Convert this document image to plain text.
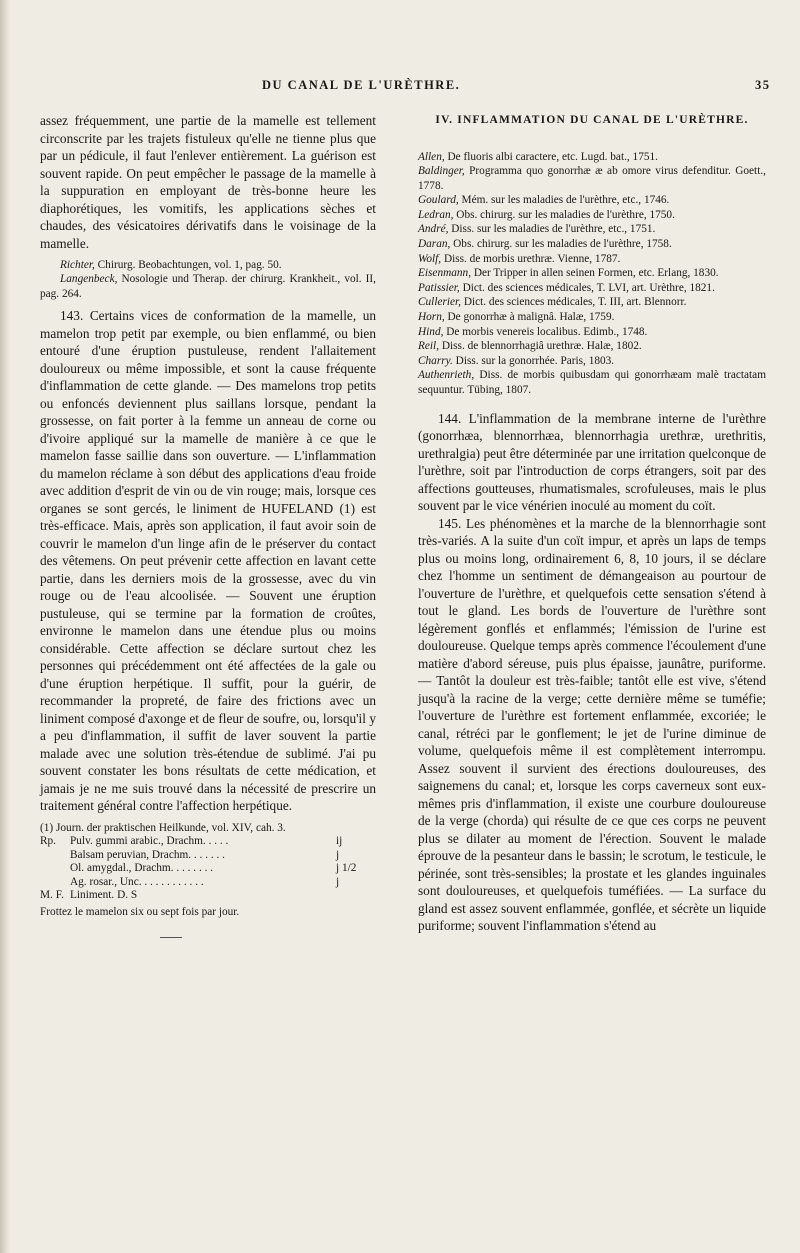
DU CANAL DE L'URÈTHRE.	35

assez fréquemment, une partie de la mamelle est tellement circonscrite par les trajets fistuleux qu'elle ne tienne plus que par un pédicule, il faut l'enlever entièrement. La guérison est souvent rapide. On peut empêcher le passage de la mamelle à la suppuration en employant de très-bonne heure les diaphorétiques, les vomitifs, les applications sèches et chaudes, des vésicatoires dérivatifs dans le voisinage de la mamelle.

Richter, Chirurg. Beobachtungen, vol. 1, pag. 50.
Langenbeck, Nosologie und Therap. der chirurg. Krankheit., vol. II, pag. 264.

143. Certains vices de conformation de la mamelle, un mamelon trop petit par exemple, ou bien enflammé, ou bien entouré d'une éruption pustuleuse, rendent l'allaitement douloureux ou même impossible, et sont la cause fréquente d'inflammation de cette glande. — Des mamelons trop petits ou enfoncés deviennent plus saillans lorsque, pendant la grossesse, on fait porter à la femme un anneau de corne ou d'ivoire appliqué sur la mamelle de manière à ce que le mamelon fasse saillie dans son ouverture. — L'inflammation du mamelon réclame à son début des applications d'eau froide avec addition d'esprit de vin ou de vin rouge; mais, lorsque ces organes se sont gercés, le liniment de HUFELAND (1) est très-efficace. Mais, après son application, il faut avoir soin de couvrir le mamelon d'un linge afin de le préserver du contact des vêtemens. On peut prévenir cette affection en lavant cette partie, dans les derniers mois de la grossesse, avec du vin rouge ou de l'eau alcoolisée. — Souvent une éruption pustuleuse, qui se termine par la formation de croûtes, environne le mamelon dans une étendue plus ou moins considérable. Cette affection se déclare surtout chez les personnes qui précédemment ont été affectées de la gale ou d'une éruption herpétique. Il suffit, pour la guérir, de recommander la propreté, de faire des frictions avec un liniment composé d'axonge et de fleur de soufre, ou, lorsqu'il y a peu d'inflammation, il suffit de laver souvent la partie malade avec une solution très-étendue de sublimé. J'ai pu souvent constater les bons résultats de cette médication, et jamais je ne me suis trouvé dans la nécessité de prescrire un traitement général contre l'affection herpétique.

(1) Journ. der praktischen Heilkunde, vol. XIV, cah. 3.
Rp.	Pulv. gummi arabic., Drachm. . . . .	ij
Balsam peruvian, Drachm. . . . . . .	j
Ol. amygdal., Drachm. . . . . . . .	j 1/2
Ag. rosar., Unc. . . . . . . . . . . .	j
M. F. Liniment. D. S
Frottez le mamelon six ou sept fois par jour.
IV. INFLAMMATION DU CANAL DE L'URÈTHRE.
Allen, De fluoris albi caractere, etc. Lugd. bat., 1751.
Baldinger, Programma quo gonorrhæ æ ab omore virus defenditur. Goett., 1778.
Goulard, Mém. sur les maladies de l'urèthre, etc., 1746.
Ledran, Obs. chirurg. sur les maladies de l'urèthre, 1750.
André, Diss. sur les maladies de l'urèthre, etc., 1751.
Daran, Obs. chirurg. sur les maladies de l'urèthre, 1758.
Wolf, Diss. de morbis urethræ. Vienne, 1787.
Eisenmann, Der Tripper in allen seinen Formen, etc. Erlang, 1830.
Patissier, Dict. des sciences médicales, T. LVI, art. Urèthre, 1821.
Cullerier, Dict. des sciences médicales, T. III, art. Blennorr.
Horn, De gonorrhæ à malignâ. Halæ, 1759.
Hind, De morbis venereis localibus. Edimb., 1748.
Reil, Diss. de blennorrhagiâ urethræ. Halæ, 1802.
Charry. Diss. sur la gonorrhée. Paris, 1803.
Authenrieth, Diss. de morbis quibusdam qui gonorrhæam malè tractatam sequuntur. Tübing, 1807.

144. L'inflammation de la membrane interne de l'urèthre (gonorrhæa, blennorrhæa, blennorrhagia urethræ, urethritis, urethralgia) peut être déterminée par une irritation quelconque de l'urèthre, soit par l'introduction de corps étrangers, soit par des affections goutteuses, rhumatismales, scrofuleuses, mais le plus souvent par le vice vénérien inoculé au moment du coït.

145. Les phénomènes et la marche de la blennorrhagie sont très-variés. A la suite d'un coït impur, et après un laps de temps plus ou moins long, ordinairement 6, 8, 10 jours, il se déclare chez l'homme un sentiment de démangeaison au pourtour de l'ouverture de l'urèthre, et quelquefois cette sensation s'étend à tout le gland. Les bords de l'ouverture de l'urèthre sont légèrement gonflés et enflammés; l'émission de l'urine est douloureuse. Quelque temps après commence l'écoulement d'une matière d'abord séreuse, puis plus épaisse, jaunâtre, puriforme. — Tantôt la douleur est très-faible; tantôt elle est vive, s'étend jusqu'à la racine de la verge; cette dernière même se tuméfie; l'ouverture de l'urèthre est fortement enflammée, excoriée; le canal, rétréci par le gonflement; le jet de l'urine diminue de volume, quelquefois même il est complètement interrompu. Assez souvent il survient des érections douloureuses, des saignemens du canal; et, lorsque les corps caverneux sont eux-mêmes pris d'inflammation, il existe une courbure douloureuse de la verge (chorda) qui résulte de ce que ces corps ne peuvent plus se dilater au moment de l'érection. Souvent le malade éprouve de la pesanteur dans le bassin; le scrotum, le testicule, le périnée, sont très-sensibles; la prostate et les glandes inguinales sont douloureuses, et quelquefois tuméfiées. — La surface du gland est assez souvent enflammée, gonflée, et sécrète un liquide puriforme; souvent l'inflammation s'étend au
